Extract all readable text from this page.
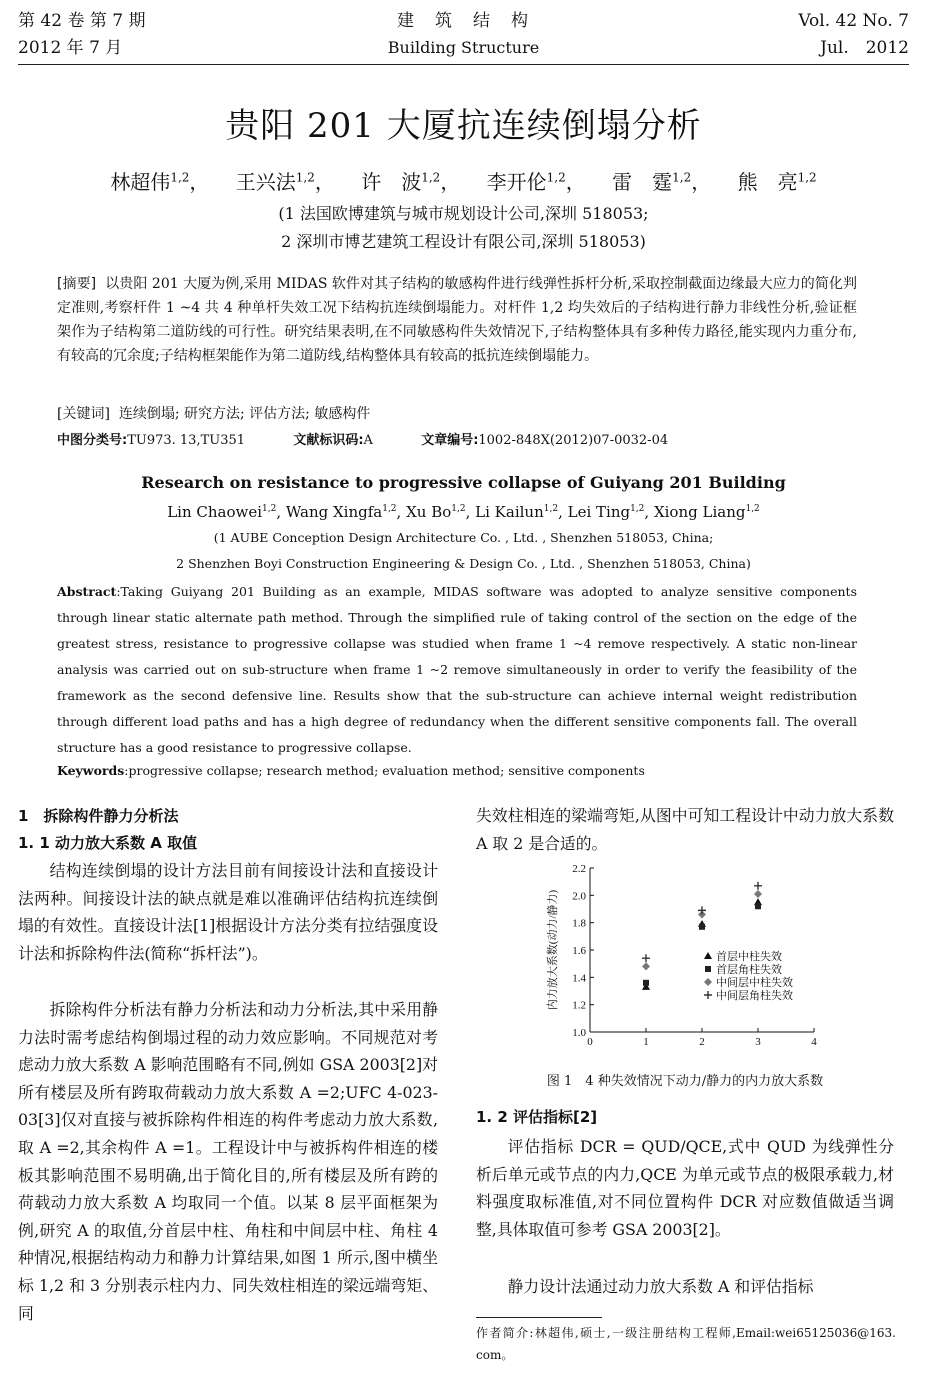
第 42 卷 第 7 期
2012 年 7 月
建　筑　结　构
Building Structure
Vol. 42 No. 7
Jul.　2012
贵阳 201 大厦抗连续倒塌分析
林超伟$^{1,2}$， 王兴法$^{1,2}$， 许　波$^{1,2}$， 李开伦$^{1,2}$， 雷　霆$^{1,2}$， 熊　亮$^{1,2}$
(1 法国欧博建筑与城市规划设计公司,深圳 518053;
2 深圳市博艺建筑工程设计有限公司,深圳 518053)
[摘要] 以贵阳 201 大厦为例,采用 MIDAS 软件对其子结构的敏感构件进行线弹性拆杆分析,采取控制截面边缘最大应力的简化判定准则,考察杆件 1 ~4 共 4 种单杆失效工况下结构抗连续倒塌能力。对杆件 1,2 均失效后的子结构进行静力非线性分析,验证框架作为子结构第二道防线的可行性。研究结果表明,在不同敏感构件失效情况下,子结构整体具有多种传力路径,能实现内力重分布,有较高的冗余度;子结构框架能作为第二道防线,结构整体具有较高的抵抗连续倒塌能力。
[关键词] 连续倒塌; 研究方法; 评估方法; 敏感构件
中图分类号:TU973. 13,TU351	文献标识码:A	文章编号:1002-848X(2012)07-0032-04
Research on resistance to progressive collapse of Guiyang 201 Building
Lin Chaowei$^{1,2}$, Wang Xingfa$^{1,2}$, Xu Bo$^{1,2}$, Li Kailun$^{1,2}$, Lei Ting$^{1,2}$, Xiong Liang$^{1,2}$
(1 AUBE Conception Design Architecture Co. , Ltd. , Shenzhen 518053, China;
2 Shenzhen Boyi Construction Engineering & Design Co. , Ltd. , Shenzhen 518053, China)
Abstract:Taking Guiyang 201 Building as an example, MIDAS software was adopted to analyze sensitive components through linear static alternate path method. Through the simplified rule of taking control of the section on the edge of the greatest stress, resistance to progressive collapse was studied when frame 1 ~4 remove respectively. A static non-linear analysis was carried out on sub-structure when frame 1 ~2 remove simultaneously in order to verify the feasibility of the framework as the second defensive line. Results show that the sub-structure can achieve internal weight redistribution through different load paths and has a high degree of redundancy when the different sensitive components fall. The overall structure has a good resistance to progressive collapse.
Keywords:progressive collapse; research method; evaluation method; sensitive components
1　拆除构件静力分析法
1. 1 动力放大系数 A 取值
结构连续倒塌的设计方法目前有间接设计法和直接设计法两种。间接设计法的缺点就是难以准确评估结构抗连续倒塌的有效性。直接设计法[1]根据设计方法分类有拉结强度设计法和拆除构件法(简称“拆杆法”)。
拆除构件分析法有静力分析法和动力分析法,其中采用静力法时需考虑结构倒塌过程的动力效应影响。不同规范对考虑动力放大系数 A 影响范围略有不同,例如 GSA 2003[2]对所有楼层及所有跨取荷载动力放大系数 A =2;UFC 4-023-03[3]仅对直接与被拆除构件相连的构件考虑动力放大系数,取 A =2,其余构件 A =1。工程设计中与被拆构件相连的楼板其影响范围不易明确,出于简化目的,所有楼层及所有跨的荷载动力放大系数 A 均取同一个值。以某 8 层平面框架为例,研究 A 的取值,分首层中柱、角柱和中间层中柱、角柱 4 种情况,根据结构动力和静力计算结果,如图 1 所示,图中横坐标 1,2 和 3 分别表示柱内力、同失效柱相连的梁远端弯矩、同
失效柱相连的梁端弯矩,从图中可知工程设计中动力放大系数 A 取 2 是合适的。
0	1	2	3	4
1.0
1.2
1.4
1.6
1.8
2.0
2.2
内力放大系数(动力/静力)	首层中柱失效
首层角柱失效
中间层中柱失效
中间层角柱失效
图 1　4 种失效情况下动力/静力的内力放大系数
1. 2 评估指标[2]
评估指标 DCR = QUD/QCE,式中 QUD 为线弹性分析后单元或节点的内力,QCE 为单元或节点的极限承载力,材料强度取标准值,对不同位置构件 DCR 对应数值做适当调整,具体取值可参考 GSA 2003[2]。
静力设计法通过动力放大系数 A 和评估指标
作者简介:林超伟,硕士,一级注册结构工程师,Email:wei65125036@163. com。
